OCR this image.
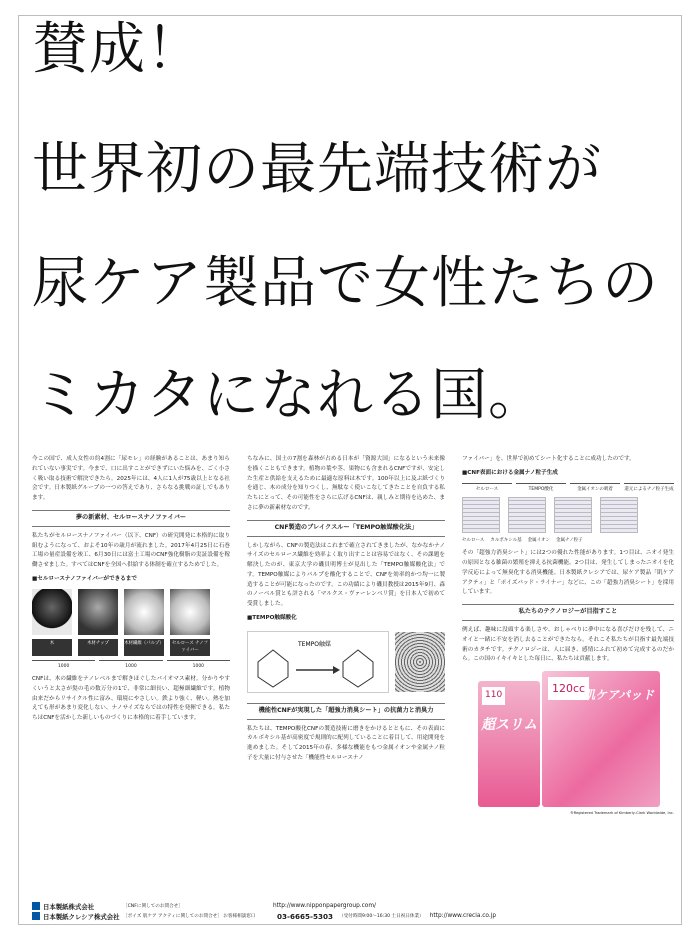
賛成！
世界初の最先端技術が
尿ケア製品で女性たちの
ミカタになれる国。

今この国で、成人女性の約4割に「尿モレ」の経験があることは、あまり知られていない事実です。今まで、口に出すことができずにいた悩みを、ごく小さく吸い取る技術で解決できたら。2025年には、4人に1人が75歳以上となる社会です。日本製紙グループの一つの答えであり、さらなる挑戦の証しでもあります。

夢の新素材、セルロースナノファイバー

私たちがセルロースナノファイバー（以下、CNF）の研究開発に本格的に取り組むようになって、およそ10年の歳月が流れました。2017年4月25日に石巻工場の量産設備を竣工、6月30日には富士工場のCNF強化樹脂の実証設備を稼働させました。すべてはCNFを全国へ供給する体制を確立するためでした。

■セルロースナノファイバーができるまで
木	木材チップ	木材繊維（パルプ）	セルロース ナノファイバー
1000	1000	1000

CNFは、木の繊維をナノレベルまで解きほぐしたバイオマス素材。分かりやすくいうと太さが髪の毛の数万分の1で、非常に細長い、超極細繊維です。植物由来だからリサイクル性に富み、環境にやさしい。鉄より強く、軽い。熱を加えても形があまり変化しない、ナノサイズならではの特性を発揮できる。私たちはCNFを活かした新しいものづくりに本格的に着手しています。

ちなみに、国土の7割を森林が占める日本が「資源大国」になるという未来像を描くこともできます。植物の葉や茎、果物にも含まれるCNFですが、安定した生産と供給を支えるために最適な原料は木です。100年以上に及ぶ紙づくりを通じ、木の成分を知りつくし、無駄なく使いこなしてきたことを自負する私たちにとって、その可能性をさらに広げるCNFは、親しみと期待を込めた、まさに夢の新素材なのです。

CNF製造のブレイクスルー「TEMPO触媒酸化法」

しかしながら、CNFの製造法はこれまで確立されてきましたが、なかなかナノサイズのセルロース繊維を効率よく取り出すことは容易ではなく、その課題を解決したのが、東京大学の磯貝明博士が見出した「TEMPO触媒酸化法」です。TEMPO触媒によりパルプを酸化することで、CNFを効率的かつ均一に製造することが可能になったのです。この功績により磯貝教授は2015年9月、森のノーベル賞とも評される「マルクス・ヴァーレンベリ賞」を日本人で初めて受賞しました。

■TEMPO触媒酸化
TEMPO触媒
機能性CNFが実現した「超強力消臭シート」の抗菌力と消臭力

私たちは、TEMPO酸化CNFの製造技術に磨きをかけるとともに、その表面にカルボキシル基が高密度で規則的に配列していることに着目して、用途開発を進めました。そして2015年の春、多様な機能をもつ金属イオンや金属ナノ粒子を大量に付与させた「機能性セルロースナノ

ファイバー」を、世界で初めてシート化することに成功したのです。

■CNF表面における金属ナノ粒子生成
セルロース	TEMPO酸化	金属イオンの吸着	還元によるナノ粒子生成
セルロース カルボキシル基 金属イオン 金属ナノ粒子

その「超強力消臭シート」には2つの優れた性能があります。1つ目は、ニオイ発生の原因となる雑菌の繁殖を抑える抗菌機能。2つ目は、発生してしまったニオイを化学反応によって無臭化する消臭機能。日本製紙クレシアでは、尿ケア製品「肌ケア アクティ」と「ポイズパッド・ライナー」などに、この「超強力消臭シート」を採用しています。

私たちのテクノロジーが目指すこと

例えば、趣味に没頭する楽しさや、おしゃべりに夢中になる喜びだけを残して、ニオイと一緒に不安を消し去ることができたなら。それこそ私たちが目指す最先端技術のカタチです。テクノロジーは、人に届き、感情にふれて初めて完成するのだから。この国のイキイキとした毎日に、私たちは貢献します。

110
超スリム
120cc
肌ケアパッド
®Registered Trademark of Kimberly-Clark Worldwide, Inc.
日本製紙株式会社	［CNFに関してのお問合せ］	http://www.nipponpapergroup.com/
日本製紙クレシア株式会社 ［ポイズ 肌ケア アクティに関してのお問合せ］ お客様相談窓口	03-6665-5303 （受付時間9:00〜16:30 土日祝日休業） http://www.crecia.co.jp
